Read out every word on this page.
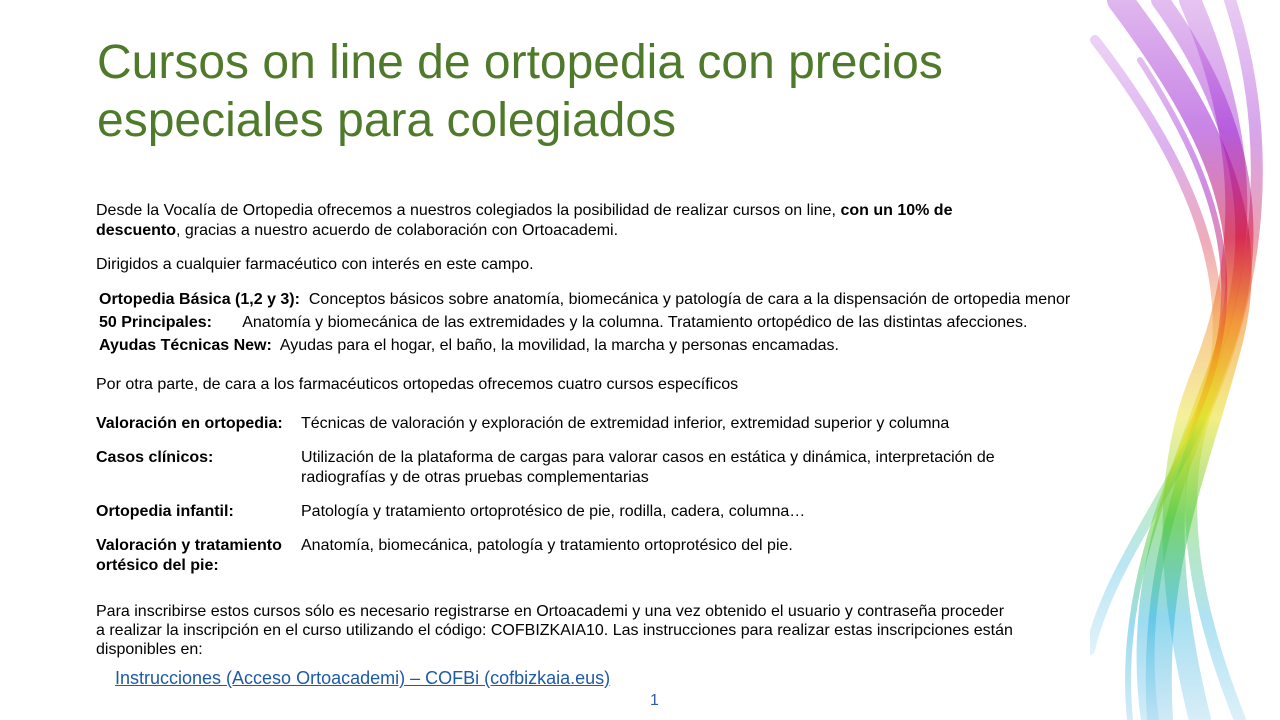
Cursos on line de ortopedia con precios especiales para colegiados

Desde la Vocalía de Ortopedia ofrecemos a nuestros colegiados la posibilidad de realizar cursos on line, con un 10% de descuento, gracias a nuestro acuerdo de colaboración con Ortoacademi.

Dirigidos a cualquier farmacéutico con interés en este campo.

Ortopedia Básica (1,2 y 3): Conceptos básicos sobre anatomía, biomecánica y patología de cara a la dispensación de ortopedia menor
50 Principales: Anatomía y biomecánica de las extremidades y la columna. Tratamiento ortopédico de las distintas afecciones.
Ayudas Técnicas New: Ayudas para el hogar, el baño, la movilidad, la marcha y personas encamadas.

Por otra parte, de cara a los farmacéuticos ortopedas ofrecemos cuatro cursos específicos

Valoración en ortopedia:	Técnicas de valoración y exploración de extremidad inferior, extremidad superior y columna
Casos clínicos:	Utilización de la plataforma de cargas para valorar casos en estática y dinámica, interpretación de radiografías y de otras pruebas complementarias
Ortopedia infantil:	Patología y tratamiento ortoprotésico de pie, rodilla, cadera, columna…
Valoración y tratamiento ortésico del pie:	Anatomía, biomecánica, patología y tratamiento ortoprotésico del pie.

Para inscribirse estos cursos sólo es necesario registrarse en Ortoacademi y una vez obtenido el usuario y contraseña proceder a realizar la inscripción en el curso utilizando el código: COFBIZKAIA10. Las instrucciones para realizar estas inscripciones están disponibles en:

Instrucciones (Acceso Ortoacademi) – COFBi (cofbizkaia.eus)
1
